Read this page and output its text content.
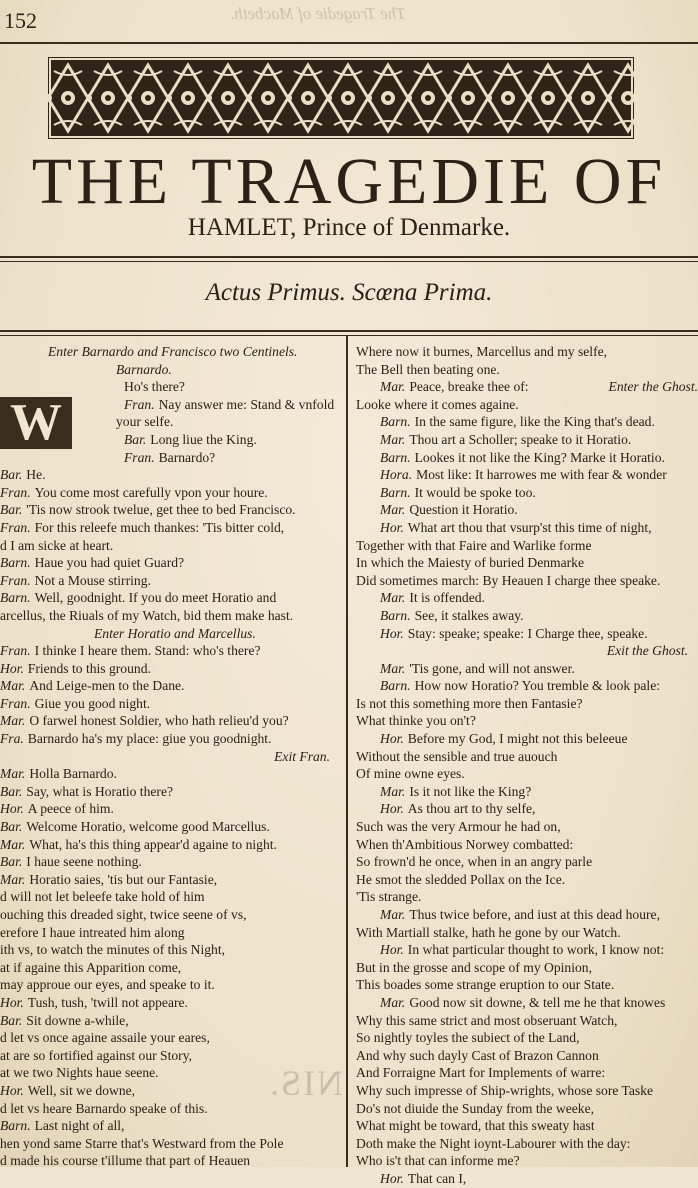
152	The Tragedie of Macbeth.
THE TRAGEDIE OF
HAMLET, Prince of Denmarke.
Actus Primus. Scœna Prima.
Enter Barnardo and Francisco two Centinels.
Barnardo.
Ho's there?
Fran. Nay answer me: Stand & vnfold
your selfe.
Bar. Long liue the King.
Fran. Barnardo?
Bar. He.
Fran. You come most carefully vpon your houre.
Bar. 'Tis now strook twelue, get thee to bed Francisco.
Fran. For this releefe much thankes: 'Tis bitter cold,
d I am sicke at heart.
Barn. Haue you had quiet Guard?
Fran. Not a Mouse stirring.
Barn. Well, goodnight. If you do meet Horatio and
arcellus, the Riuals of my Watch, bid them make hast.
Enter Horatio and Marcellus.
Fran. I thinke I heare them. Stand: who's there?
Hor. Friends to this ground.
Mar. And Leige-men to the Dane.
Fran. Giue you good night.
Mar. O farwel honest Soldier, who hath relieu'd you?
Fra. Barnardo ha's my place: giue you goodnight.
Exit Fran.
Mar. Holla Barnardo.
Bar. Say, what is Horatio there?
Hor. A peece of him.
Bar. Welcome Horatio, welcome good Marcellus.
Mar. What, ha's this thing appear'd againe to night.
Bar. I haue seene nothing.
Mar. Horatio saies, 'tis but our Fantasie,
d will not let beleefe take hold of him
ouching this dreaded sight, twice seene of vs,
erefore I haue intreated him along
ith vs, to watch the minutes of this Night,
at if againe this Apparition come,
may approue our eyes, and speake to it.
Hor. Tush, tush, 'twill not appeare.
Bar. Sit downe a-while,
d let vs once againe assaile your eares,
at are so fortified against our Story,
at we two Nights haue seene.
Hor. Well, sit we downe,
d let vs heare Barnardo speake of this.
Barn. Last night of all,
hen yond same Starre that's Westward from the Pole
d made his course t'illume that part of Heauen
Where now it burnes, Marcellus and my selfe,
The Bell then beating one.
Mar. Peace, breake thee of:	Enter the Ghost.
Looke where it comes againe.
Barn. In the same figure, like the King that's dead.
Mar. Thou art a Scholler; speake to it Horatio.
Barn. Lookes it not like the King? Marke it Horatio.
Hora. Most like: It harrowes me with fear & wonder
Barn. It would be spoke too.
Mar. Question it Horatio.
Hor. What art thou that vsurp'st this time of night,
Together with that Faire and Warlike forme
In which the Maiesty of buried Denmarke
Did sometimes march: By Heauen I charge thee speake.
Mar. It is offended.
Barn. See, it stalkes away.
Hor. Stay: speake; speake: I Charge thee, speake.
Exit the Ghost.
Mar. 'Tis gone, and will not answer.
Barn. How now Horatio? You tremble & look pale:
Is not this something more then Fantasie?
What thinke you on't?
Hor. Before my God, I might not this beleeue
Without the sensible and true auouch
Of mine owne eyes.
Mar. Is it not like the King?
Hor. As thou art to thy selfe,
Such was the very Armour he had on,
When th'Ambitious Norwey combatted:
So frown'd he once, when in an angry parle
He smot the sledded Pollax on the Ice.
'Tis strange.
Mar. Thus twice before, and iust at this dead houre,
With Martiall stalke, hath he gone by our Watch.
Hor. In what particular thought to work, I know not:
But in the grosse and scope of my Opinion,
This boades some strange eruption to our State.
Mar. Good now sit downe, & tell me he that knowes
Why this same strict and most obseruant Watch,
So nightly toyles the subiect of the Land,
And why such dayly Cast of Brazon Cannon
And Forraigne Mart for Implements of warre:
Why such impresse of Ship-wrights, whose sore Taske
Do's not diuide the Sunday from the weeke,
What might be toward, that this sweaty hast
Doth make the Night ioynt-Labourer with the day:
Who is't that can informe me?
Hor. That can I,
W
NIS.
